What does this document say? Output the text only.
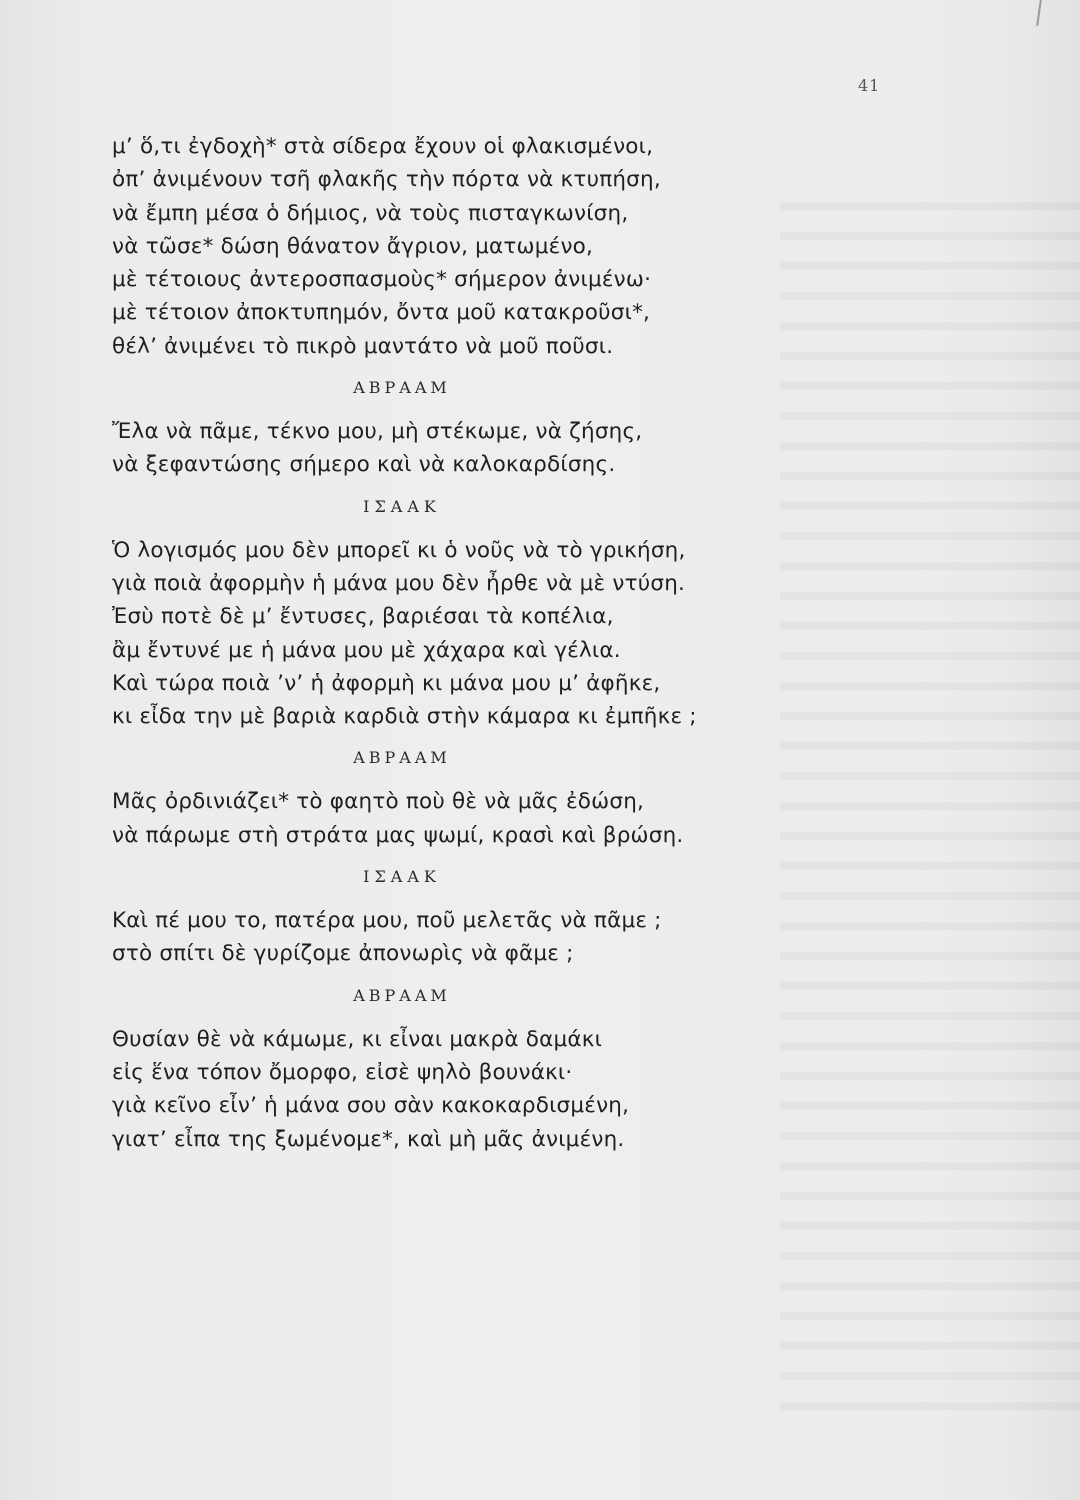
41
μ’ ὅ,τι ἐγδοχὴ* στὰ σίδερα ἔχουν οἱ φλακισμένοι,
ὀπ’ ἀνιμένουν τσῆ φλακῆς τὴν πόρτα νὰ κτυπήση,
νὰ ἔμπη μέσα ὁ δήμιος, νὰ τοὺς πισταγκωνίση,
νὰ τῶσε* δώση θάνατον ἄγριον, ματωμένο,
μὲ τέτοιους ἀντεροσπασμοὺς* σήμερον ἀνιμένω·
μὲ τέτοιον ἀποκτυπημόν, ὄντα μοῦ κατακροῦσι*,
θέλ’ ἀνιμένει τὸ πικρὸ μαντάτο νὰ μοῦ ποῦσι.
ΑΒΡΑΑΜ
Ἔλα νὰ πᾶμε, τέκνο μου, μὴ στέκωμε, νὰ ζήσης,
νὰ ξεφαντώσης σήμερο καὶ νὰ καλοκαρδίσης.
ΙΣΑΑΚ
Ὁ λογισμός μου δὲν μπορεῖ κι ὁ νοῦς νὰ τὸ γρικήση,
γιὰ ποιὰ ἀφορμὴν ἡ μάνα μου δὲν ἦρθε νὰ μὲ ντύση.
Ἐσὺ ποτὲ δὲ μ’ ἔντυσες, βαριέσαι τὰ κοπέλια,
ἂμ ἔντυνέ με ἡ μάνα μου μὲ χάχαρα καὶ γέλια.
Καὶ τώρα ποιὰ ’ν’ ἡ ἀφορμὴ κι μάνα μου μ’ ἀφῆκε,
κι εἶδα την μὲ βαριὰ καρδιὰ στὴν κάμαρα κι ἐμπῆκε ;
ΑΒΡΑΑΜ
Μᾶς ὀρδινιάζει* τὸ φαητὸ ποὺ θὲ νὰ μᾶς ἐδώση,
νὰ πάρωμε στὴ στράτα μας ψωμί, κρασὶ καὶ βρώση.
ΙΣΑΑΚ
Καὶ πέ μου το, πατέρα μου, ποῦ μελετᾶς νὰ πᾶμε ;
στὸ σπίτι δὲ γυρίζομε ἀπονωρὶς νὰ φᾶμε ;
ΑΒΡΑΑΜ
Θυσίαν θὲ νὰ κάμωμε, κι εἶναι μακρὰ δαμάκι
εἰς ἕνα τόπον ὄμορφο, εἰσὲ ψηλὸ βουνάκι·
γιὰ κεῖνο εἶν’ ἡ μάνα σου σὰν κακοκαρδισμένη,
γιατ’ εἶπα της ξωμένομε*, καὶ μὴ μᾶς ἀνιμένη.
